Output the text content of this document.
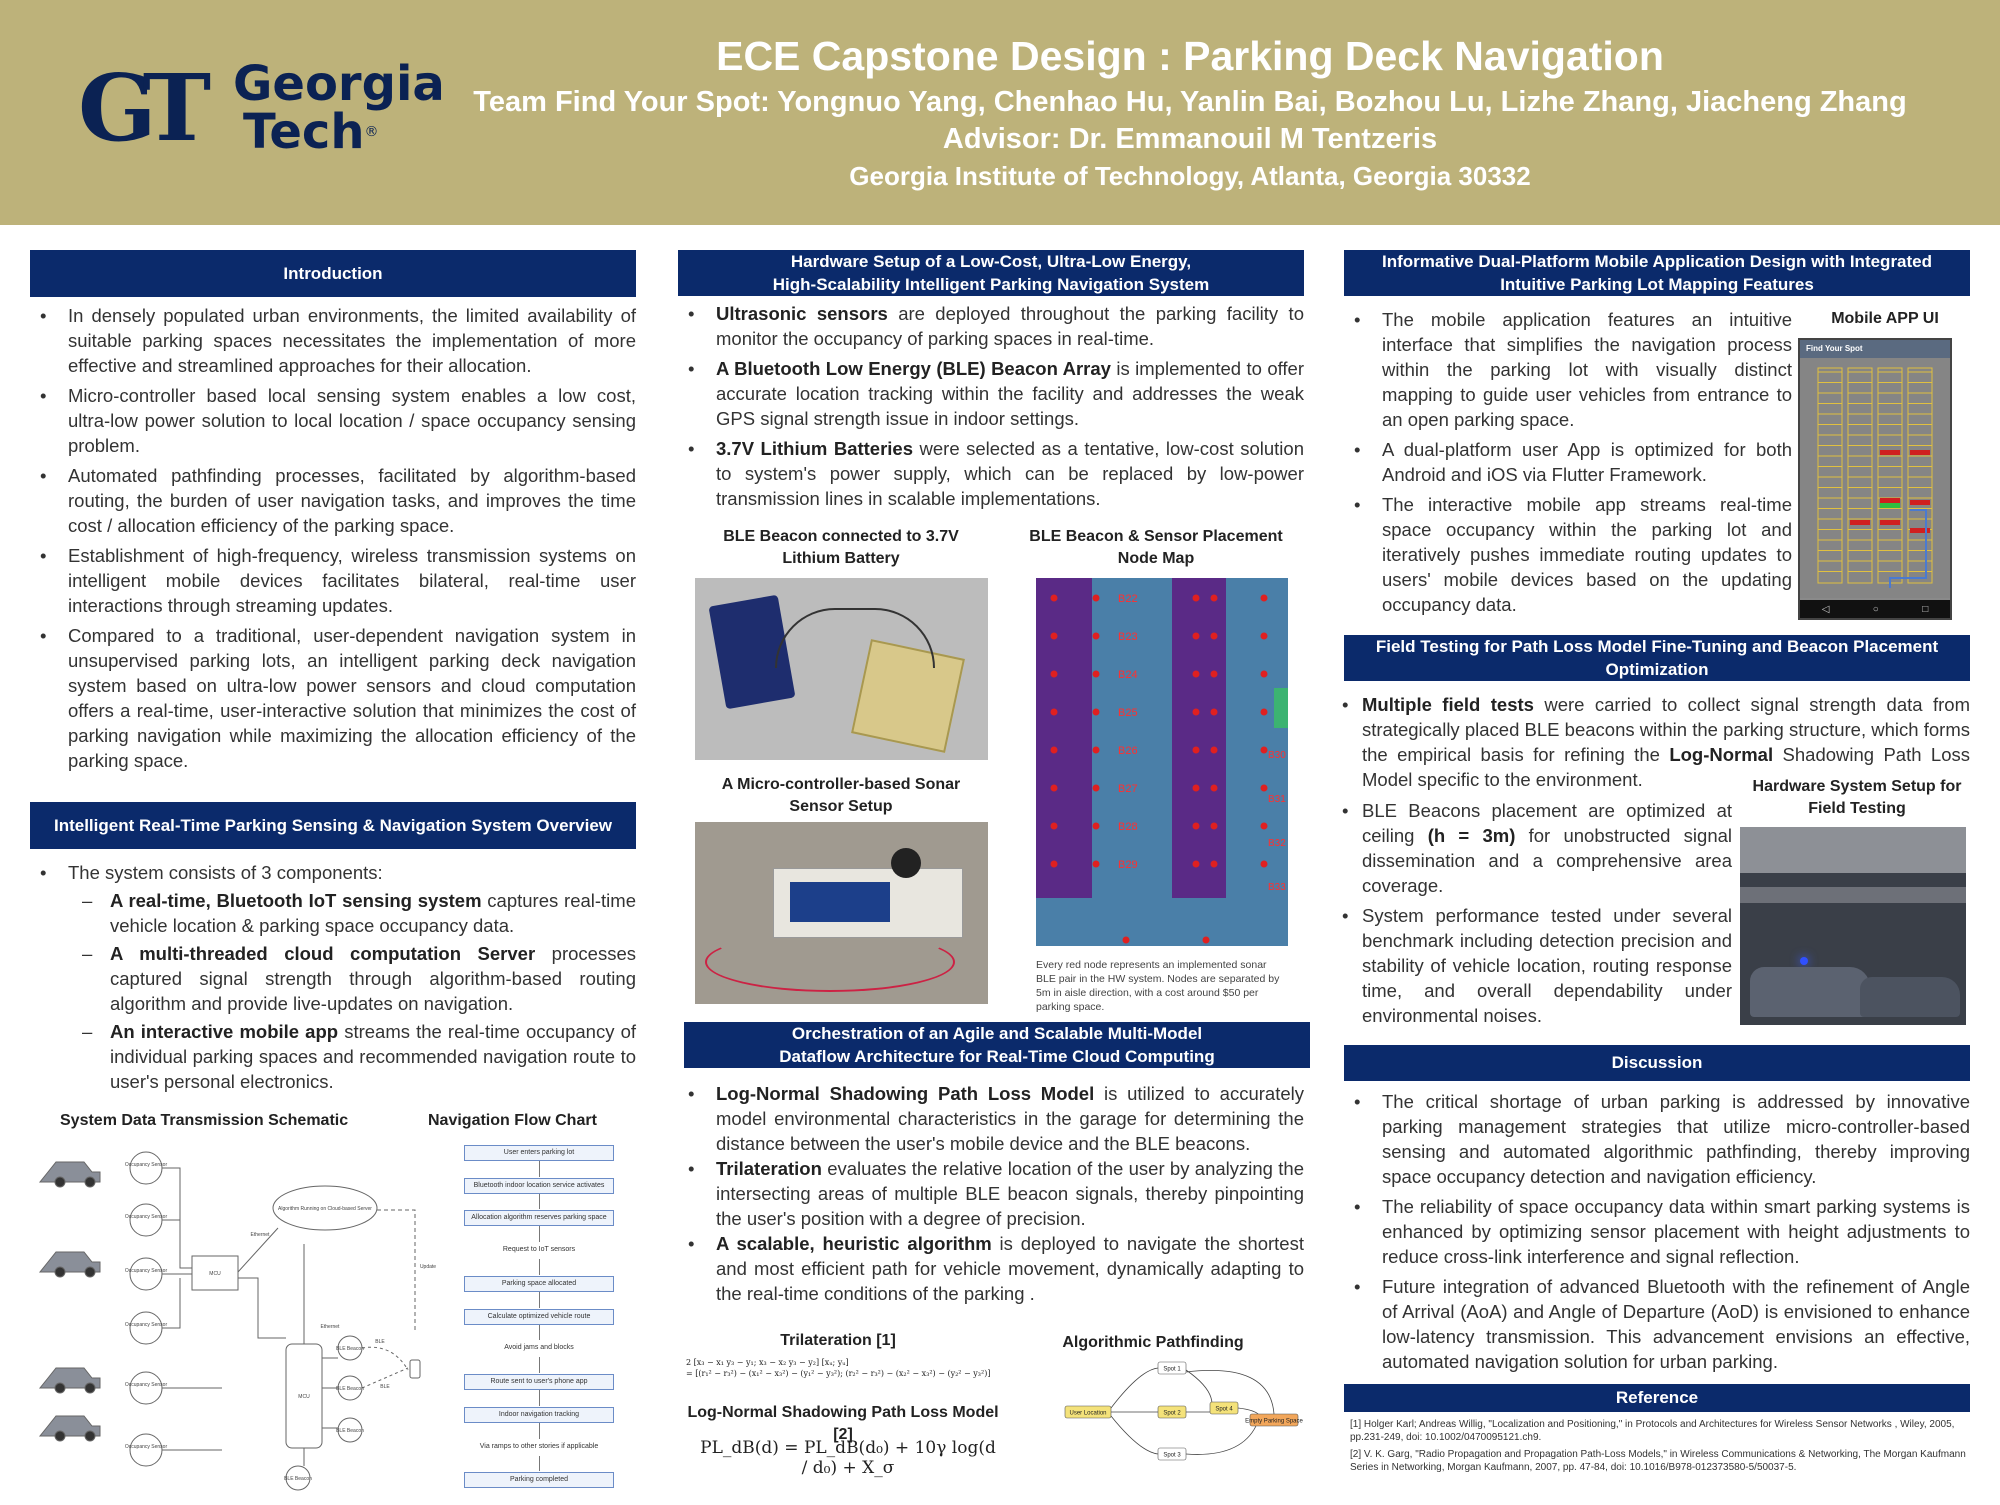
GT Georgia
Tech®
ECE Capstone Design : Parking Deck Navigation
Team Find Your Spot: Yongnuo Yang, Chenhao Hu, Yanlin Bai, Bozhou Lu, Lizhe Zhang, Jiacheng Zhang
Advisor: Dr. Emmanouil M Tentzeris
Georgia Institute of Technology, Atlanta, Georgia 30332
Introduction
• In densely populated urban environments, the limited availability of suitable parking spaces necessitates the implementation of more effective and streamlined approaches for their allocation.
• Micro-controller based local sensing system enables a low cost, ultra-low power solution to local location / space occupancy sensing problem.
• Automated pathfinding processes, facilitated by algorithm-based routing, the burden of user navigation tasks, and improves the time cost / allocation efficiency of the parking space.
• Establishment of high-frequency, wireless transmission systems on intelligent mobile devices facilitates bilateral, real-time user interactions through streaming updates.
• Compared to a traditional, user-dependent navigation system in unsupervised parking lots, an intelligent parking deck navigation system based on ultra-low power sensors and cloud computation offers a real-time, user-interactive solution that minimizes the cost of parking navigation while maximizing the allocation efficiency of the parking space.
Intelligent Real-Time Parking Sensing & Navigation System Overview
• The system consists of 3 components:
– A real-time, Bluetooth IoT sensing system captures real-time vehicle location & parking space occupancy data.
– A multi-threaded cloud computation Server processes captured signal strength through algorithm-based routing algorithm and provide live-updates on navigation.
– An interactive mobile app streams the real-time occupancy of individual parking spaces and recommended navigation route to user's personal electronics.
System Data Transmission Schematic	Navigation Flow Chart
Occupancy Sensor
Occupancy Sensor
Occupancy Sensor
Occupancy Sensor
Occupancy Sensor
Occupancy Sensor
MCU
MCU
Ethernet
Ethernet
Algorithm Running on Cloud-based Server
BLE Beacon
BLE Beacon
BLE Beacon
BLE Beacon
BLE
BLE
Update
User enters parking lot
Bluetooth indoor location service activates
Allocation algorithm reserves parking space
Request to IoT sensors
Parking space allocated
Calculate optimized vehicle route
Avoid jams and blocks
Route sent to user's phone app
Indoor navigation tracking
Via ramps to other stories if applicable
Parking completed
Hardware Setup of a Low-Cost, Ultra-Low Energy,
High-Scalability Intelligent Parking Navigation System
• Ultrasonic sensors are deployed throughout the parking facility to monitor the occupancy of parking spaces in real-time.
• A Bluetooth Low Energy (BLE) Beacon Array is implemented to offer accurate location tracking within the facility and addresses the weak GPS signal strength issue in indoor settings.
• 3.7V Lithium Batteries were selected as a tentative, low-cost solution to system's power supply, which can be replaced by low-power transmission lines in scalable implementations.
BLE Beacon connected to 3.7V
Lithium Battery
A Micro-controller-based Sonar
Sensor Setup
BLE Beacon & Sensor Placement
Node Map
B22
B23
B24
B25
B26
B27
B28
B29
B30
B31
B32
B33
Every red node represents an implemented sonar BLE pair in the HW system. Nodes are separated by 5m in aisle direction, with a cost around $50 per parking space.
Orchestration of an Agile and Scalable Multi-Model
Dataflow Architecture for Real-Time Cloud Computing
• Log-Normal Shadowing Path Loss Model is utilized to accurately model environmental characteristics in the garage for determining the distance between the user's mobile device and the BLE beacons.
• Trilateration evaluates the relative location of the user by analyzing the intersecting areas of multiple BLE beacon signals, thereby pinpointing the user's position with a degree of precision.
• A scalable, heuristic algorithm is deployed to navigate the shortest and most efficient path for vehicle movement, dynamically adapting to the real-time conditions of the parking .
Trilateration [1]
2 [x₃ − x₁ y₃ − y₁; x₃ − x₂ y₃ − y₂] [xᵤ; yᵤ]
= [(r₁² − r₃²) − (x₁² − x₃²) − (y₁² − y₃²); (r₂² − r₃²) − (x₂² − x₃²) − (y₂² − y₃²)]
Log-Normal Shadowing Path Loss Model [2]
PL_dB(d) = PL_dB(d₀) + 10γ log(d / d₀) + X_σ
Algorithmic Pathfinding
User Location
Spot 1
Spot 2
Spot 3
Spot 4
Empty Parking Space
Informative Dual-Platform Mobile Application Design with Integrated
Intuitive Parking Lot Mapping Features
• The mobile application features an intuitive interface that simplifies the navigation process within the parking lot with visually distinct mapping to guide user vehicles from entrance to an open parking space.
• A dual-platform user App is optimized for both Android and iOS via Flutter Framework.
• The interactive mobile app streams real-time space occupancy within the parking lot and iteratively pushes immediate routing updates to users' mobile devices based on the updating occupancy data.
Mobile APP UI
Find Your Spot
◁	○	□
Field Testing for Path Loss Model Fine-Tuning and Beacon Placement
Optimization
• Multiple field tests were carried to collect signal strength data from strategically placed BLE beacons within the parking structure, which forms the empirical basis for refining the Log-Normal Shadowing Path Loss Model specific to the environment.
• BLE Beacons placement are optimized at ceiling (h = 3m) for unobstructed signal dissemination and a comprehensive area coverage.
• System performance tested under several benchmark including detection precision and stability of vehicle location, routing response time, and overall dependability under environmental noises.
Hardware System Setup for
Field Testing
Discussion
• The critical shortage of urban parking is addressed by innovative parking management strategies that utilize micro-controller-based sensing and automated algorithmic pathfinding, thereby improving space occupancy detection and navigation efficiency.
• The reliability of space occupancy data within smart parking systems is enhanced by optimizing sensor placement with height adjustments to reduce cross-link interference and signal reflection.
• Future integration of advanced Bluetooth with the refinement of Angle of Arrival (AoA) and Angle of Departure (AoD) is envisioned to enhance low-latency transmission. This advancement envisions an effective, automated navigation solution for urban parking.
Reference
[1] Holger Karl; Andreas Willig, "Localization and Positioning," in Protocols and Architectures for Wireless Sensor Networks , Wiley, 2005, pp.231-249, doi: 10.1002/0470095121.ch9.
[2] V. K. Garg, "Radio Propagation and Propagation Path-Loss Models," in Wireless Communications & Networking, The Morgan Kaufmann Series in Networking, Morgan Kaufmann, 2007, pp. 47-84, doi: 10.1016/B978-012373580-5/50037-5.
